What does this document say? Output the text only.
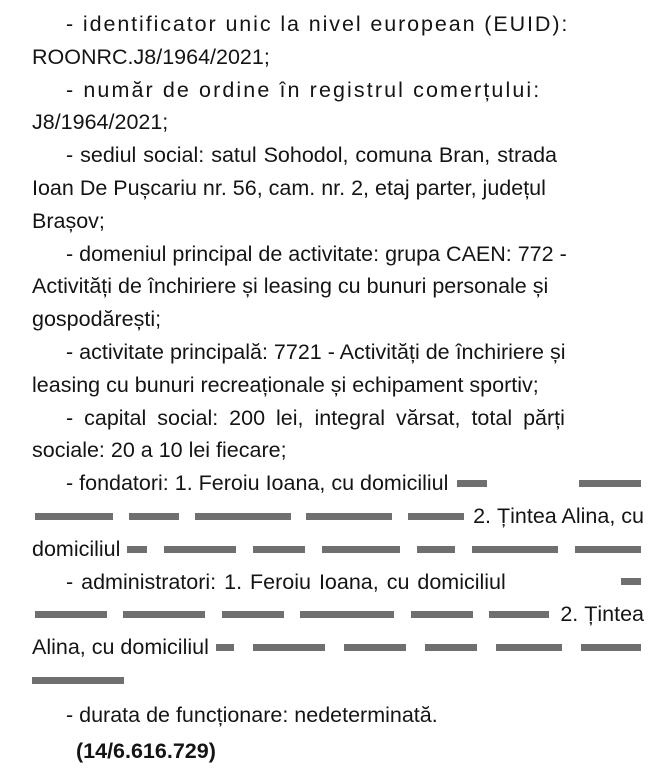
- identificator unic la nivel european (EUID):
ROONRC.J8/1964/2021;
- număr de ordine în registrul comerțului:
J8/1964/2021;
- sediul social: satul Sohodol, comuna Bran, strada
Ioan De Pușcariu nr. 56, cam. nr. 2, etaj parter, județul
Brașov;
- domeniul principal de activitate: grupa CAEN: 772 -
Activități de închiriere și leasing cu bunuri personale și
gospodărești;
- activitate principală: 7721 - Activități de închiriere și
leasing cu bunuri recreaționale și echipament sportiv;
- capital social: 200 lei, integral vărsat, total părți
sociale: 20 a 10 lei fiecare;
- fondatori: 1. Feroiu Ioana, cu domiciliul
2. Țintea Alina, cu
domiciliul
- administratori: 1. Feroiu Ioana, cu domiciliul
2. Țintea
Alina, cu domiciliul
- durata de funcționare: nedeterminată.
(14/6.616.729)
